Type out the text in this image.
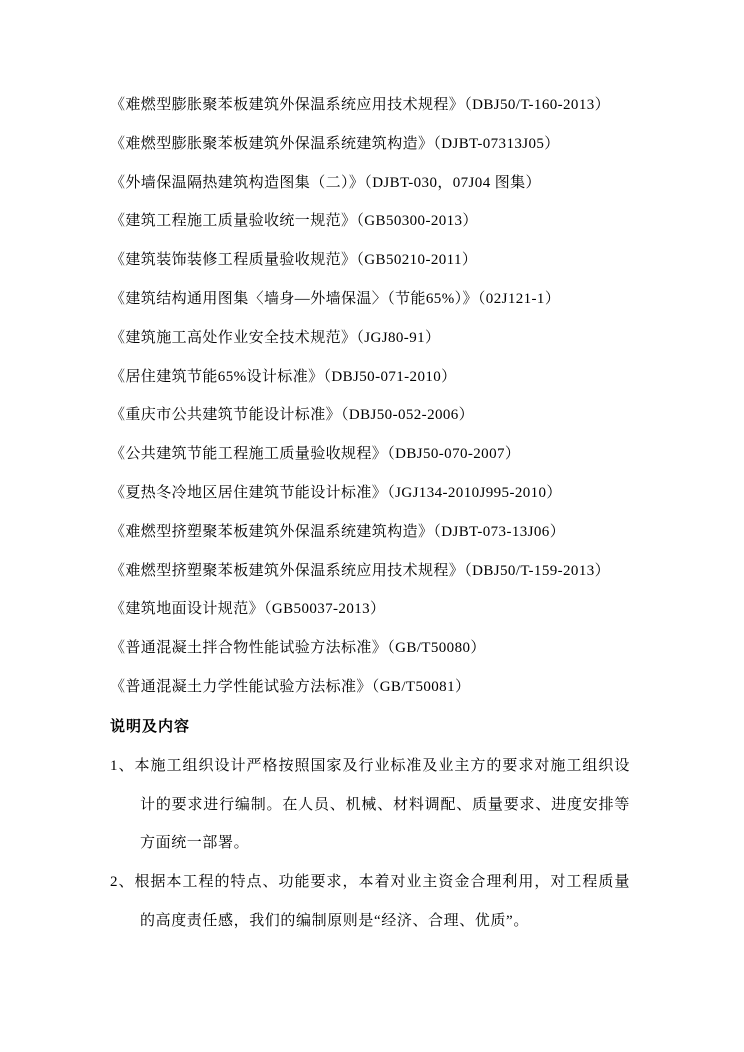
《难燃型膨胀聚苯板建筑外保温系统应用技术规程》（DBJ50/T-160-2013）

《难燃型膨胀聚苯板建筑外保温系统建筑构造》（DJBT-07313J05）

《外墙保温隔热建筑构造图集（二）》（DJBT-030，07J04 图集）

《建筑工程施工质量验收统一规范》（GB50300-2013）

《建筑装饰装修工程质量验收规范》（GB50210-2011）

《建筑结构通用图集〈墙身—外墙保温〉（节能65%）》（02J121-1）

《建筑施工高处作业安全技术规范》（JGJ80-91）

《居住建筑节能65%设计标准》（DBJ50-071-2010）

《重庆市公共建筑节能设计标准》（DBJ50-052-2006）

《公共建筑节能工程施工质量验收规程》（DBJ50-070-2007）

《夏热冬冷地区居住建筑节能设计标准》（JGJ134-2010J995-2010）

《难燃型挤塑聚苯板建筑外保温系统建筑构造》（DJBT-073-13J06）

《难燃型挤塑聚苯板建筑外保温系统应用技术规程》（DBJ50/T-159-2013）

《建筑地面设计规范》（GB50037-2013）

《普通混凝土拌合物性能试验方法标准》（GB/T50080）

《普通混凝土力学性能试验方法标准》（GB/T50081）

说明及内容

1、本施工组织设计严格按照国家及行业标准及业主方的要求对施工组织设计的要求进行编制。在人员、机械、材料调配、质量要求、进度安排等方面统一部署。

2、根据本工程的特点、功能要求，本着对业主资金合理利用，对工程质量的高度责任感，我们的编制原则是“经济、合理、优质”。
